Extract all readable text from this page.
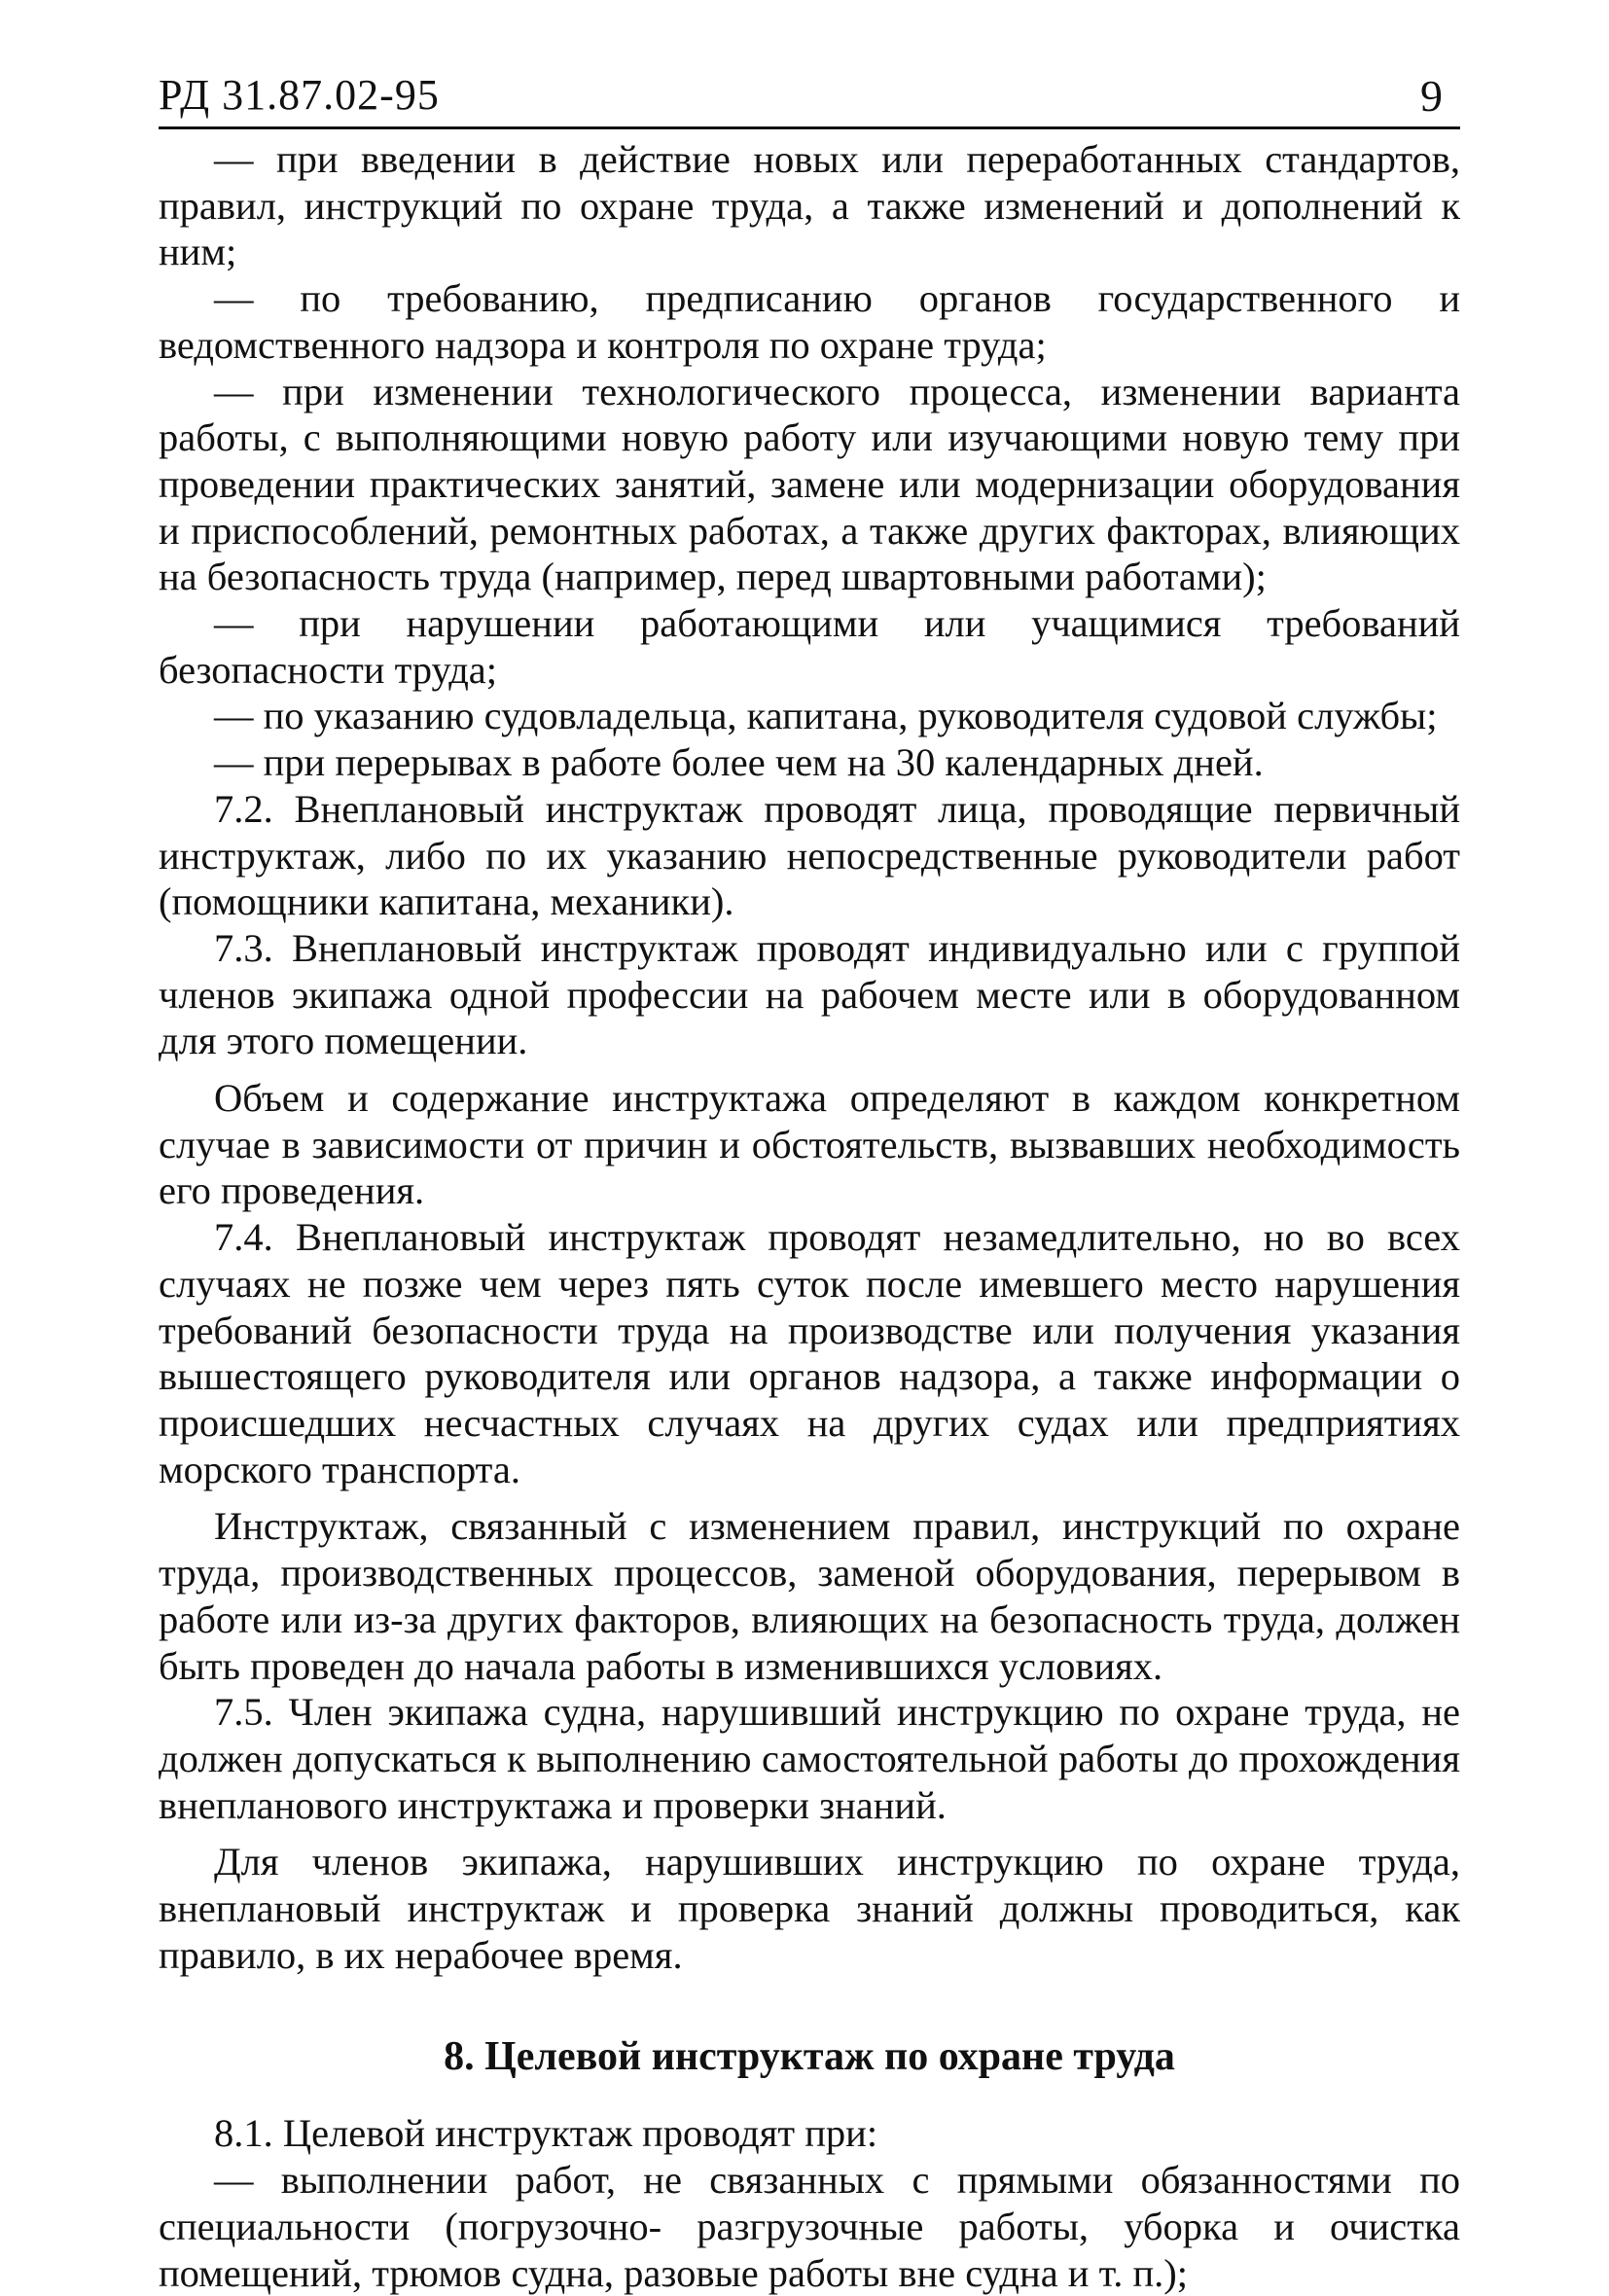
РД 31.87.02-95	9

— при введении в действие новых или переработанных стандартов, правил, инструкций по охране труда, а также изменений и дополнений к ним;

— по требованию, предписанию органов государственного и ведомственного надзора и контроля по охране труда;

— при изменении технологического процесса, изменении варианта работы, с выполняющими новую работу или изучающими новую тему при проведении практических занятий, замене или модернизации оборудования и приспособлений, ремонтных работах, а также других факторах, влияющих на безопасность труда (например, перед швартовными работами);

— при нарушении работающими или учащимися требований безопасности труда;

— по указанию судовладельца, капитана, руководителя судовой службы;

— при перерывах в работе более чем на 30 календарных дней.

7.2. Внеплановый инструктаж проводят лица, проводящие первичный инструктаж, либо по их указанию непосредственные руководители работ (помощники капитана, механики).

7.3. Внеплановый инструктаж проводят индивидуально или с группой членов экипажа одной профессии на рабочем месте или в оборудованном для этого помещении.

Объем и содержание инструктажа определяют в каждом конкретном случае в зависимости от причин и обстоятельств, вызвавших необходимость его проведения.

7.4. Внеплановый инструктаж проводят незамедлительно, но во всех случаях не позже чем через пять суток после имевшего место нарушения требований безопасности труда на производстве или получения указания вышестоящего руководителя или органов надзора, а также информации о происшедших несчастных случаях на других судах или предприятиях морского транспорта.

Инструктаж, связанный с изменением правил, инструкций по охране труда, производственных процессов, заменой оборудования, перерывом в работе или из-за других факторов, влияющих на безопасность труда, должен быть проведен до начала работы в изменившихся условиях.

7.5. Член экипажа судна, нарушивший инструкцию по охране труда, не должен допускаться к выполнению самостоятельной работы до прохождения внепланового инструктажа и проверки знаний.

Для членов экипажа, нарушивших инструкцию по охране труда, внеплановый инструктаж и проверка знаний должны проводиться, как правило, в их нерабочее время.

8. Целевой инструктаж по охране труда

8.1. Целевой инструктаж проводят при:

— выполнении работ, не связанных с прямыми обязанностями по специальности (погрузочно- разгрузочные работы, уборка и очистка помещений, трюмов судна, разовые работы вне судна и т. п.);
